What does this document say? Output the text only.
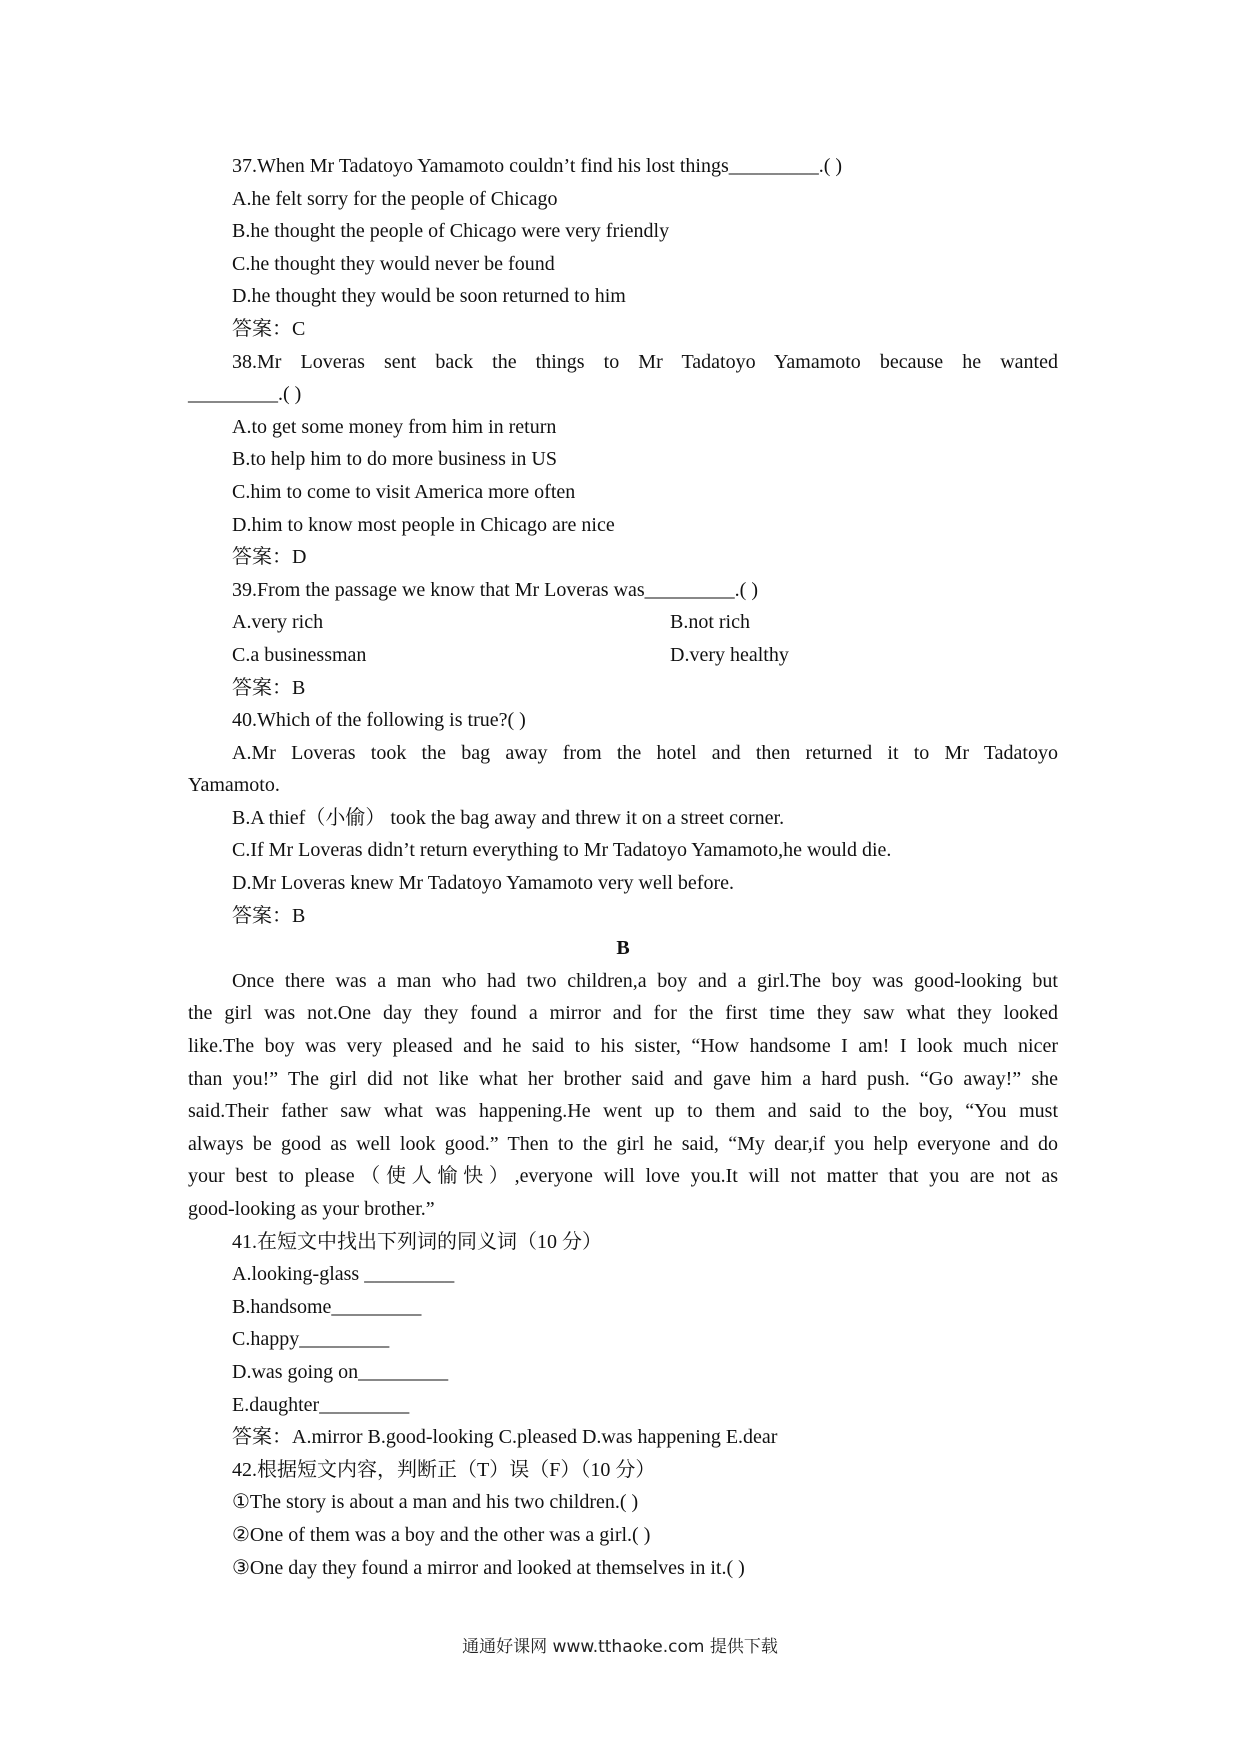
37.When Mr Tadatoyo Yamamoto couldn’t find his lost things_________.( )
A.he felt sorry for the people of Chicago
B.he thought the people of Chicago were very friendly
C.he thought they would never be found
D.he thought they would be soon returned to him
答案：C
38.Mr Loveras sent back the things to Mr Tadatoyo Yamamoto because he wanted
_________.( )
A.to get some money from him in return
B.to help him to do more business in US
C.him to come to visit America more often
D.him to know most people in Chicago are nice
答案：D
39.From the passage we know that Mr Loveras was_________.( )
A.very rich	B.not rich
C.a businessman	D.very healthy
答案：B
40.Which of the following is true?( )
A.Mr Loveras took the bag away from the hotel and then returned it to Mr Tadatoyo
Yamamoto.
B.A thief（小偷） took the bag away and threw it on a street corner.
C.If Mr Loveras didn’t return everything to Mr Tadatoyo Yamamoto,he would die.
D.Mr Loveras knew Mr Tadatoyo Yamamoto very well before.
答案：B
B
Once there was a man who had two children,a boy and a girl.The boy was good-looking but
the girl was not.One day they found a mirror and for the first time they saw what they looked
like.The boy was very pleased and he said to his sister, “How handsome I am! I look much nicer
than you!” The girl did not like what her brother said and gave him a hard push. “Go away!” she
said.Their father saw what was happening.He went up to them and said to the boy, “You must
always be good as well look good.” Then to the girl he said, “My dear,if you help everyone and do
your best to please（使人愉快）,everyone will love you.It will not matter that you are not as
good-looking as your brother.”
41.在短文中找出下列词的同义词（10 分）
A.looking-glass _________
B.handsome_________
C.happy_________
D.was going on_________
E.daughter_________
答案：A.mirror B.good-looking C.pleased D.was happening E.dear
42.根据短文内容，判断正（T）误（F）（10 分）
①The story is about a man and his two children.( )
②One of them was a boy and the other was a girl.( )
③One day they found a mirror and looked at themselves in it.( )
通通好课网 www.tthaoke.com 提供下载
